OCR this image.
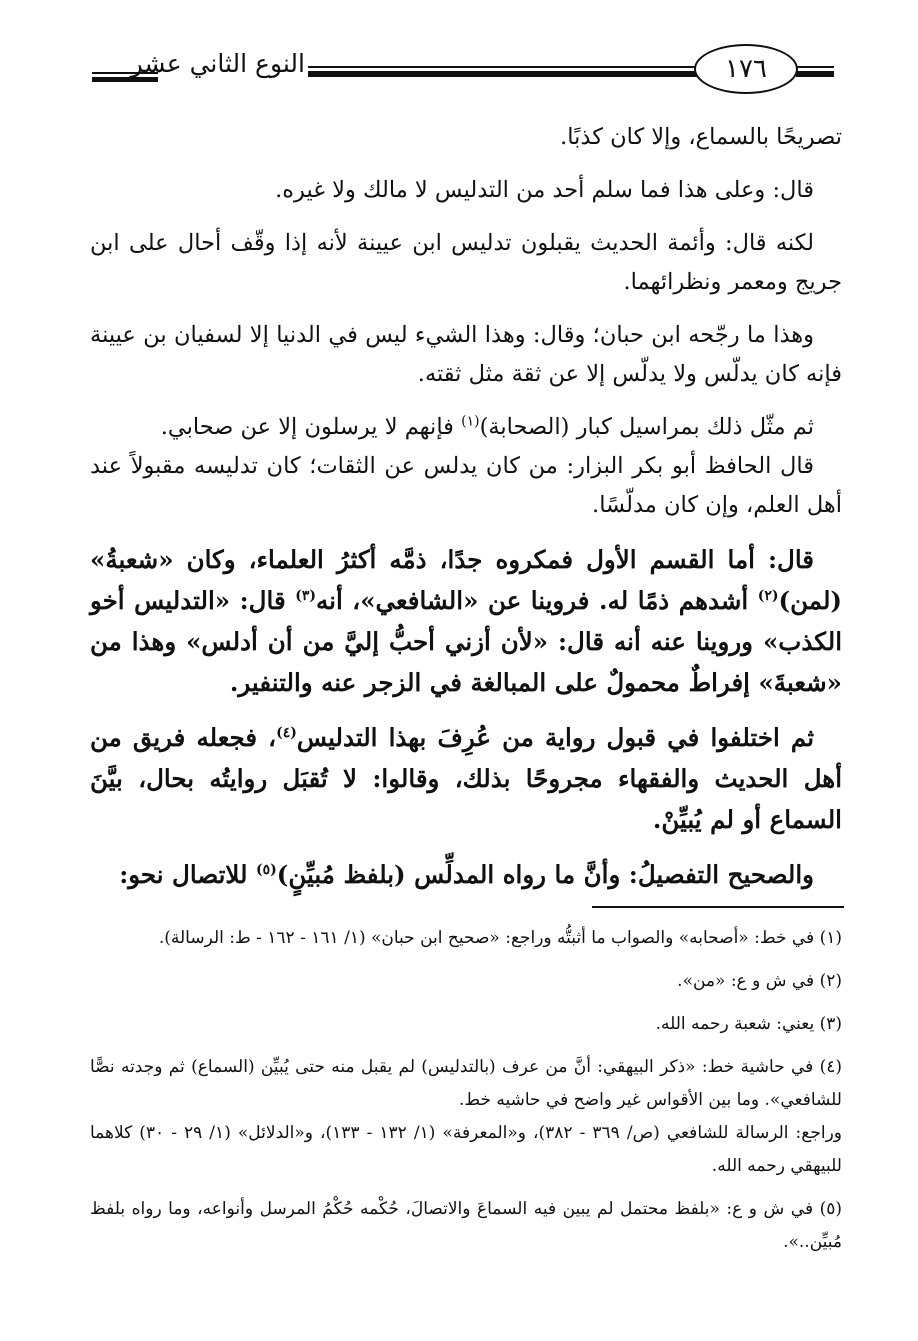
النوع الثاني عشر	١٧٦

تصريحًا بالسماع، وإلا كان كذبًا.

قال: وعلى هذا فما سلم أحد من التدليس لا مالك ولا غيره.

لكنه قال: وأئمة الحديث يقبلون تدليس ابن عيينة لأنه إذا وقّف أحال على ابن جريج ومعمر ونظرائهما.

وهذا ما رجّحه ابن حبان؛ وقال: وهذا الشيء ليس في الدنيا إلا لسفيان بن عيينة فإنه كان يدلّس ولا يدلّس إلا عن ثقة مثل ثقته.

ثم مثّل ذلك بمراسيل كبار (الصحابة)$^{(١)}$ فإنهم لا يرسلون إلا عن صحابي.

قال الحافظ أبو بكر البزار: من كان يدلس عن الثقات؛ كان تدليسه مقبولاً عند أهل العلم، وإن كان مدلّسًا.

قال: أما القسم الأول فمكروه جدًا، ذمَّه أكثرُ العلماء، وكان «شعبةُ» (لمن)$^{(٢)}$ أشدهم ذمًا له. فروينا عن «الشافعي»، أنه$^{(٣)}$ قال: «التدليس أخو الكذب» وروينا عنه أنه قال: «لأن أزني أحبُّ إليَّ من أن أدلس» وهذا من «شعبةَ» إفراطٌ محمولٌ على المبالغة في الزجر عنه والتنفير.

ثم اختلفوا في قبول رواية من عُرِفَ بهذا التدليس$^{(٤)}$، فجعله فريق من أهل الحديث والفقهاء مجروحًا بذلك، وقالوا: لا تُقبَل روايتُه بحال، بيَّنَ السماع أو لم يُبيِّنْ.

والصحيح التفصيلُ: وأنَّ ما رواه المدلِّس (بلفظ مُبيِّنٍ)$^{(٥)}$ للاتصال نحو:

(١) في خط: «أصحابه» والصواب ما أثبتُّه وراجع: «صحيح ابن حبان» (١/ ١٦١ - ١٦٢ - ط: الرسالة).

(٢) في ش و ع: «من».

(٣) يعني: شعبة رحمه الله.

(٤) في حاشية خط: «ذكر البيهقي: أنَّ من عرف (بالتدليس) لم يقبل منه حتى يُبيِّن (السماع) ثم وجدته نصًّا للشافعي». وما بين الأقواس غير واضح في حاشيه خط.

وراجع: الرسالة للشافعي (ص/ ٣٦٩ - ٣٨٢)، و«المعرفة» (١/ ١٣٢ - ١٣٣)، و«الدلائل» (١/ ٢٩ - ٣٠) كلاهما للبيهقي رحمه الله.

(٥) في ش و ع: «بلفظ محتمل لم يبين فيه السماعَ والاتصالَ، حُكْمه حُكْمُ المرسل وأنواعه، وما رواه بلفظ مُبيِّن..».
